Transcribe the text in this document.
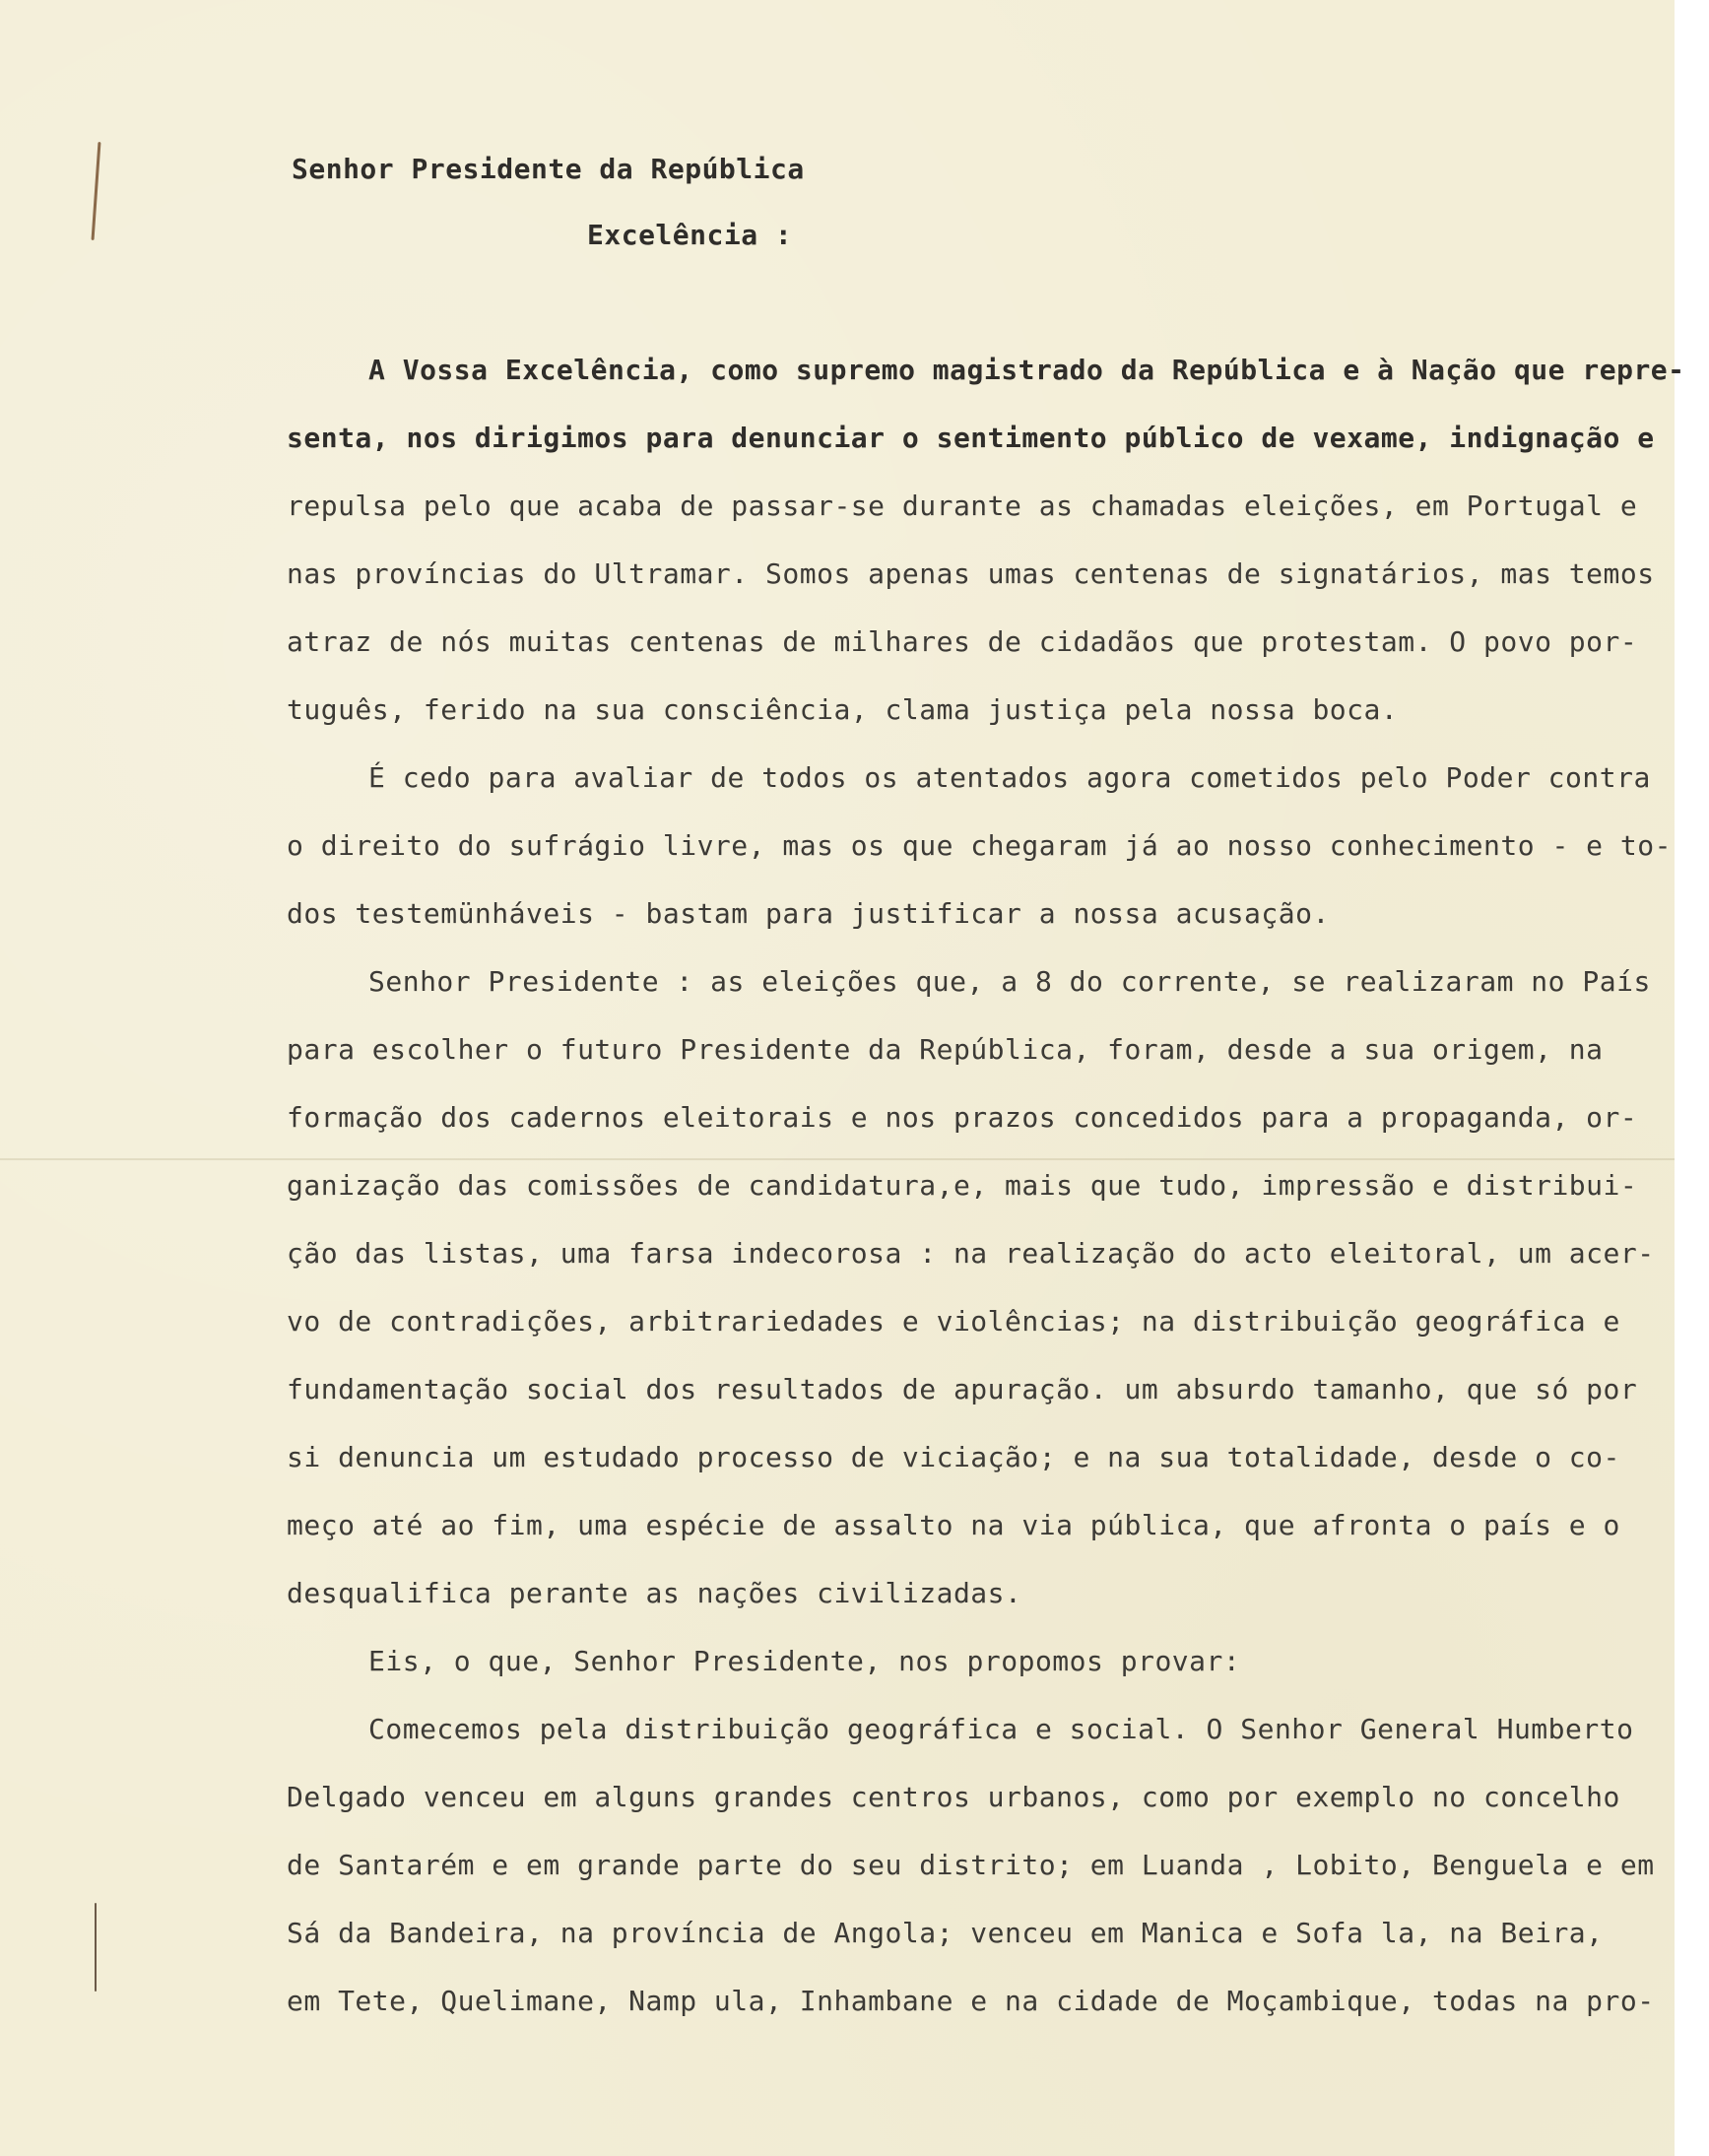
Senhor Presidente da República
Excelência :
A Vossa Excelência, como supremo magistrado da República e à Nação que repre-
senta, nos dirigimos para denunciar o sentimento público de vexame, indignação e
repulsa pelo que acaba de passar-se durante as chamadas eleições, em Portugal e
nas províncias do Ultramar. Somos apenas umas centenas de signatários, mas temos
atraz de nós muitas centenas de milhares de cidadãos que protestam. O povo por-
tuguês, ferido na sua consciência, clama justiça pela nossa boca.
É cedo para avaliar de todos os atentados agora cometidos pelo Poder contra
o direito do sufrágio livre, mas os que chegaram já ao nosso conhecimento - e to-
dos testemünháveis - bastam para justificar a nossa acusação.
Senhor Presidente : as eleições que, a 8 do corrente, se realizaram no País
para escolher o futuro Presidente da República, foram, desde a sua origem, na
formação dos cadernos eleitorais e nos prazos concedidos para a propaganda, or-
ganização das comissões de candidatura,e, mais que tudo, impressão e distribui-
ção das listas, uma farsa indecorosa : na realização do acto eleitoral, um acer-
vo de contradições, arbitrariedades e violências; na distribuição geográfica e
fundamentação social dos resultados de apuração. um absurdo tamanho, que só por
si denuncia um estudado processo de viciação; e na sua totalidade, desde o co-
meço até ao fim, uma espécie de assalto na via pública, que afronta o país e o
desqualifica perante as nações civilizadas.
Eis, o que, Senhor Presidente, nos propomos provar:
Comecemos pela distribuição geográfica e social. O Senhor General Humberto
Delgado venceu em alguns grandes centros urbanos, como por exemplo no concelho
de Santarém e em grande parte do seu distrito; em Luanda , Lobito, Benguela e em
Sá da Bandeira, na província de Angola; venceu em Manica e Sofa la, na Beira,
em Tete, Quelimane, Namp ula, Inhambane e na cidade de Moçambique, todas na pro-
